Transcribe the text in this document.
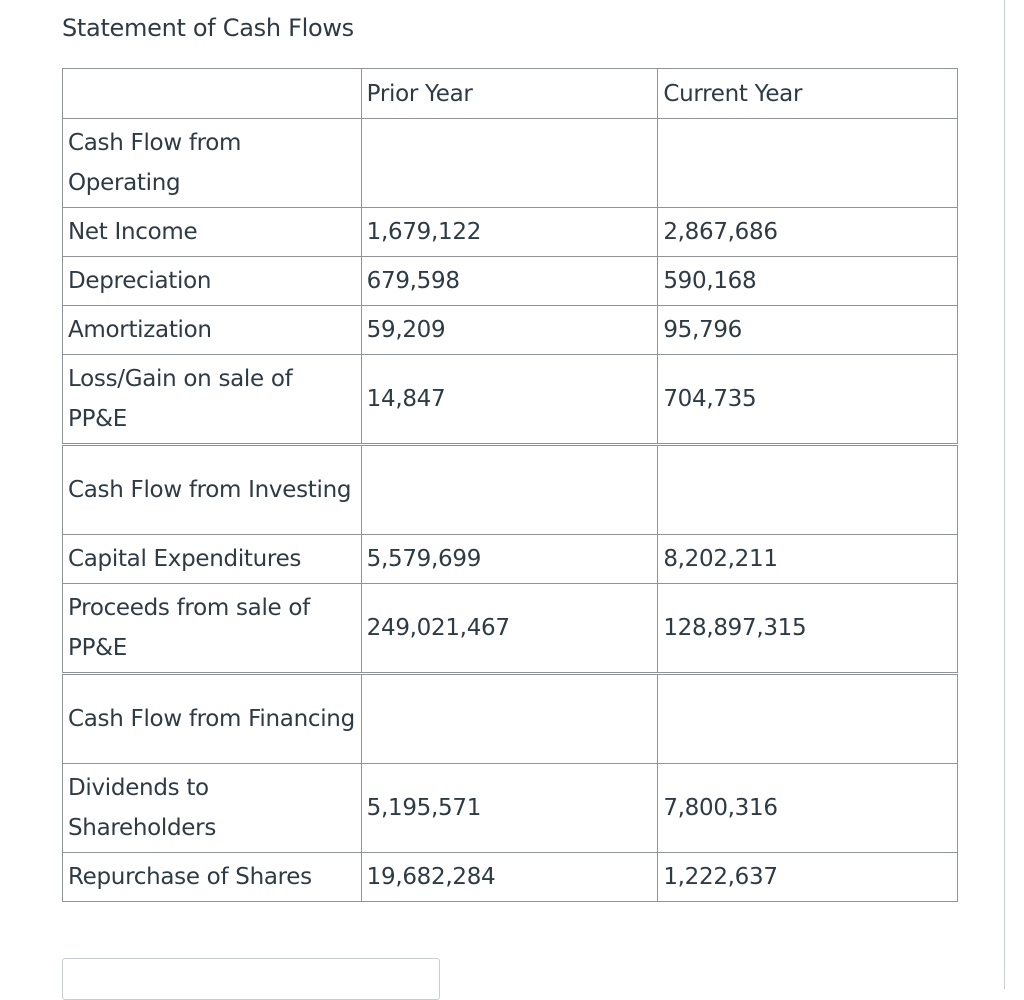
Statement of Cash Flows
	Prior Year	Current Year
Cash Flow from Operating		
Net Income	1,679,122	2,867,686
Depreciation	679,598	590,168
Amortization	59,209	95,796
Loss/Gain on sale of PP&E	14,847	704,735
Cash Flow from Investing		
Capital Expenditures	5,579,699	8,202,211
Proceeds from sale of PP&E	249,021,467	128,897,315
Cash Flow from Financing		
Dividends to Shareholders	5,195,571	7,800,316
Repurchase of Shares	19,682,284	1,222,637
